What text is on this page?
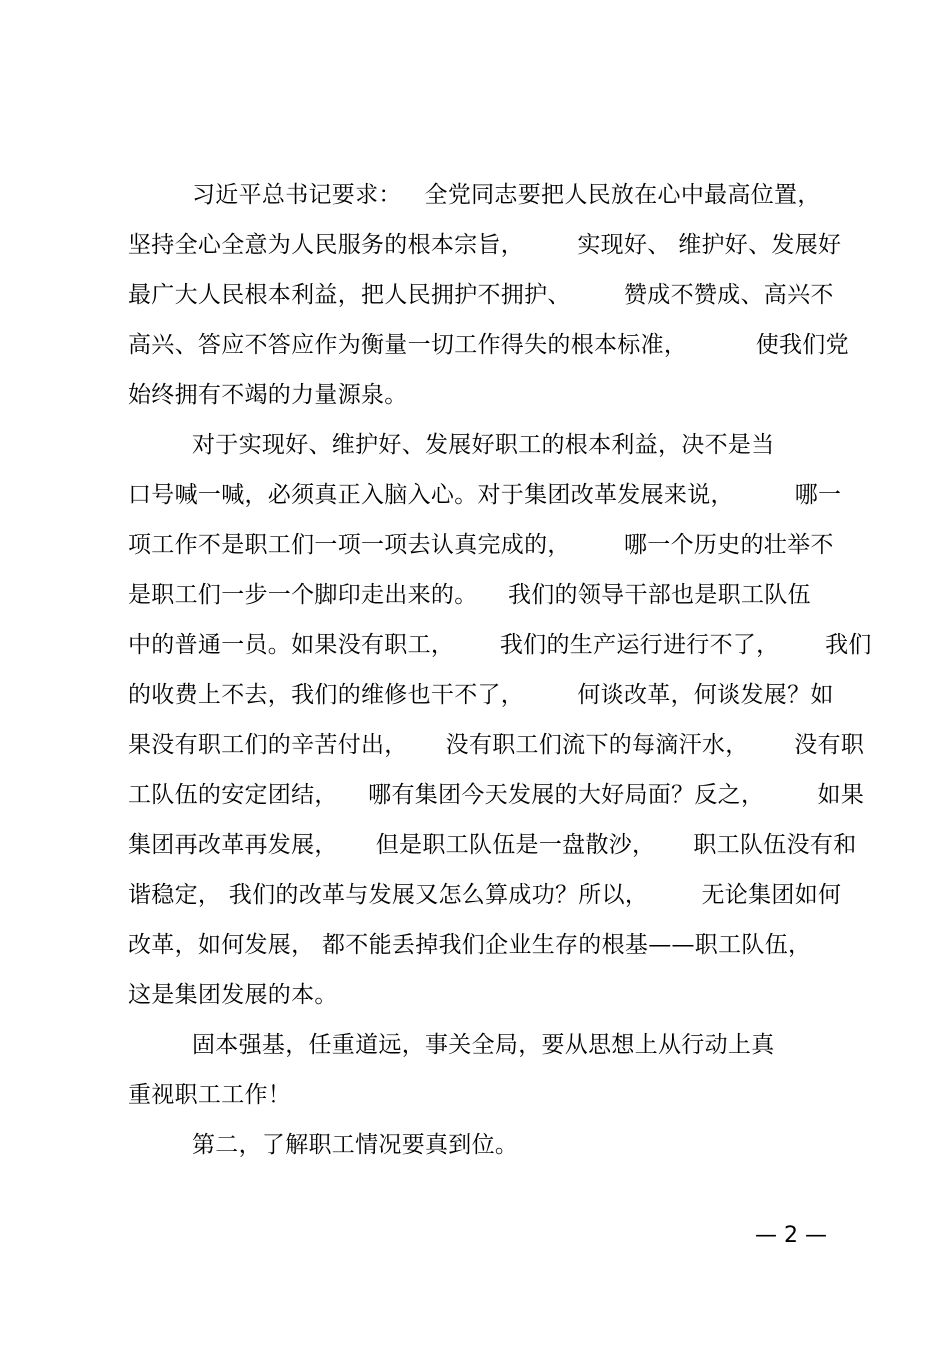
习近平总书记要求：   全党同志要把人民放在心中最高位置，
坚持全心全意为人民服务的根本宗旨，       实现好、 维护好、发展好
最广大人民根本利益，把人民拥护不拥护、       赞成不赞成、高兴不
高兴、答应不答应作为衡量一切工作得失的根本标准，         使我们党
始终拥有不竭的力量源泉。
对于实现好、维护好、发展好职工的根本利益，决不是当
口号喊一喊，必须真正入脑入心。对于集团改革发展来说，        哪一
项工作不是职工们一项一项去认真完成的，       哪一个历史的壮举不
是职工们一步一个脚印走出来的。    我们的领导干部也是职工队伍
中的普通一员。如果没有职工，      我们的生产运行进行不了，      我们
的收费上不去，我们的维修也干不了，       何谈改革，何谈发展？如
果没有职工们的辛苦付出，     没有职工们流下的每滴汗水，      没有职
工队伍的安定团结，    哪有集团今天发展的大好局面？反之，       如果
集团再改革再发展，     但是职工队伍是一盘散沙，     职工队伍没有和
谐稳定， 我们的改革与发展又怎么算成功？所以，       无论集团如何
改革，如何发展， 都不能丢掉我们企业生存的根基——职工队伍，
这是集团发展的本。
固本强基，任重道远，事关全局，要从思想上从行动上真
重视职工工作！
第二，了解职工情况要真到位。
— 2 —
